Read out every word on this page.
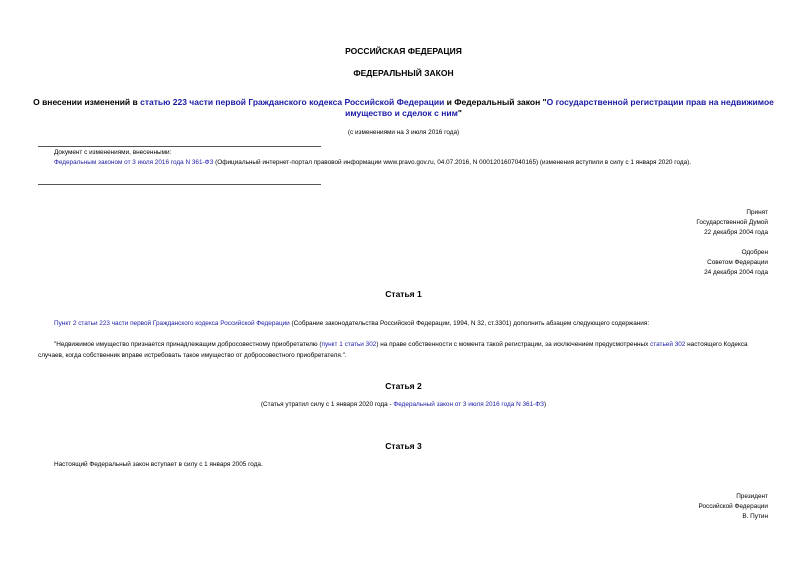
РОССИЙСКАЯ ФЕДЕРАЦИЯ
ФЕДЕРАЛЬНЫЙ ЗАКОН
О внесении изменений в статью 223 части первой Гражданского кодекса Российской Федерации и Федеральный закон "О государственной регистрации прав на недвижимое имущество и сделок с ним"
(с изменениями на 3 июля 2016 года)
Документ с изменениями, внесенными:
Федеральным законом от 3 июля 2016 года N 361-ФЗ (Официальный интернет-портал правовой информации www.pravo.gov.ru, 04.07.2016, N 0001201607040165) (изменения вступили в силу с 1 января 2020 года).
Принят
Государственной Думой
22 декабря 2004 года
Одобрен
Советом Федерации
24 декабря 2004 года
Статья 1
Пункт 2 статьи 223 части первой Гражданского кодекса Российской Федерации (Собрание законодательства Российской Федерации, 1994, N 32, ст.3301) дополнить абзацем следующего содержания:
"Недвижимое имущество признается принадлежащим добросовестному приобретателю (пункт 1 статьи 302) на праве собственности с момента такой регистрации, за исключением предусмотренных статьей 302 настоящего Кодекса случаев, когда собственник вправе истребовать такое имущество от добросовестного приобретателя.".
Статья 2
(Статья утратил силу с 1 января 2020 года - Федеральный закон от 3 июля 2016 года N 361-ФЗ)
Статья 3
Настоящий Федеральный закон вступает в силу с 1 января 2005 года.
Президент
Российской Федерации
В. Путин
